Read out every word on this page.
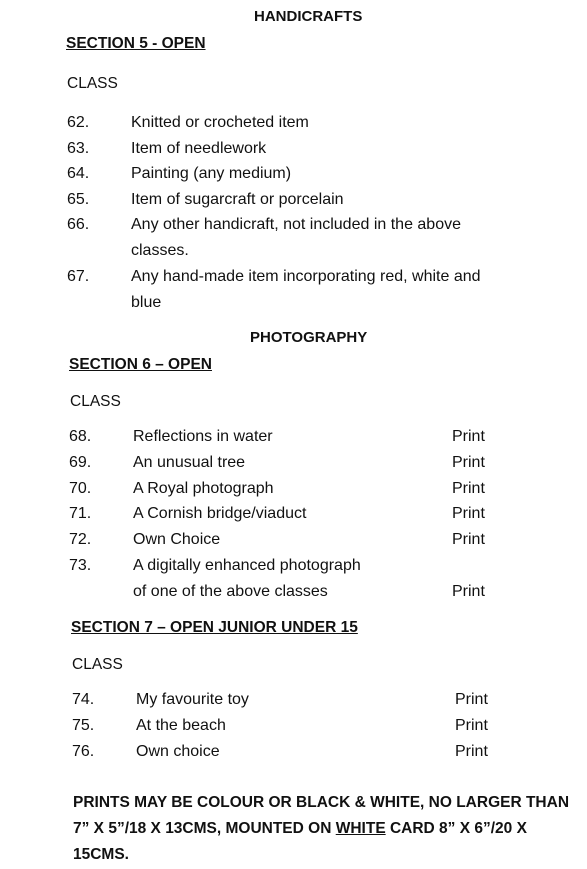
HANDICRAFTS
SECTION 5 - OPEN
CLASS
62.	Knitted or crocheted item
63.	Item of needlework
64.	Painting (any medium)
65.	Item of sugarcraft or porcelain
66.	Any other handicraft, not included in the above
classes.
67.	Any hand-made item incorporating red, white and
blue
PHOTOGRAPHY
SECTION 6 – OPEN
CLASS
68.	Reflections in water	Print
69.	An unusual tree	Print
70.	A Royal photograph	Print
71.	A Cornish bridge/viaduct	Print
72.	Own Choice	Print
73.	A digitally enhanced photograph
of one of the above classes	Print
SECTION 7 – OPEN JUNIOR UNDER 15
CLASS
74.	My favourite toy	Print
75.	At the beach	Print
76.	Own choice	Print
PRINTS MAY BE COLOUR OR BLACK & WHITE, NO LARGER THAN 7” X 5”/18 X 13CMS, MOUNTED ON WHITE CARD 8” X 6”/20 X 15CMS.
